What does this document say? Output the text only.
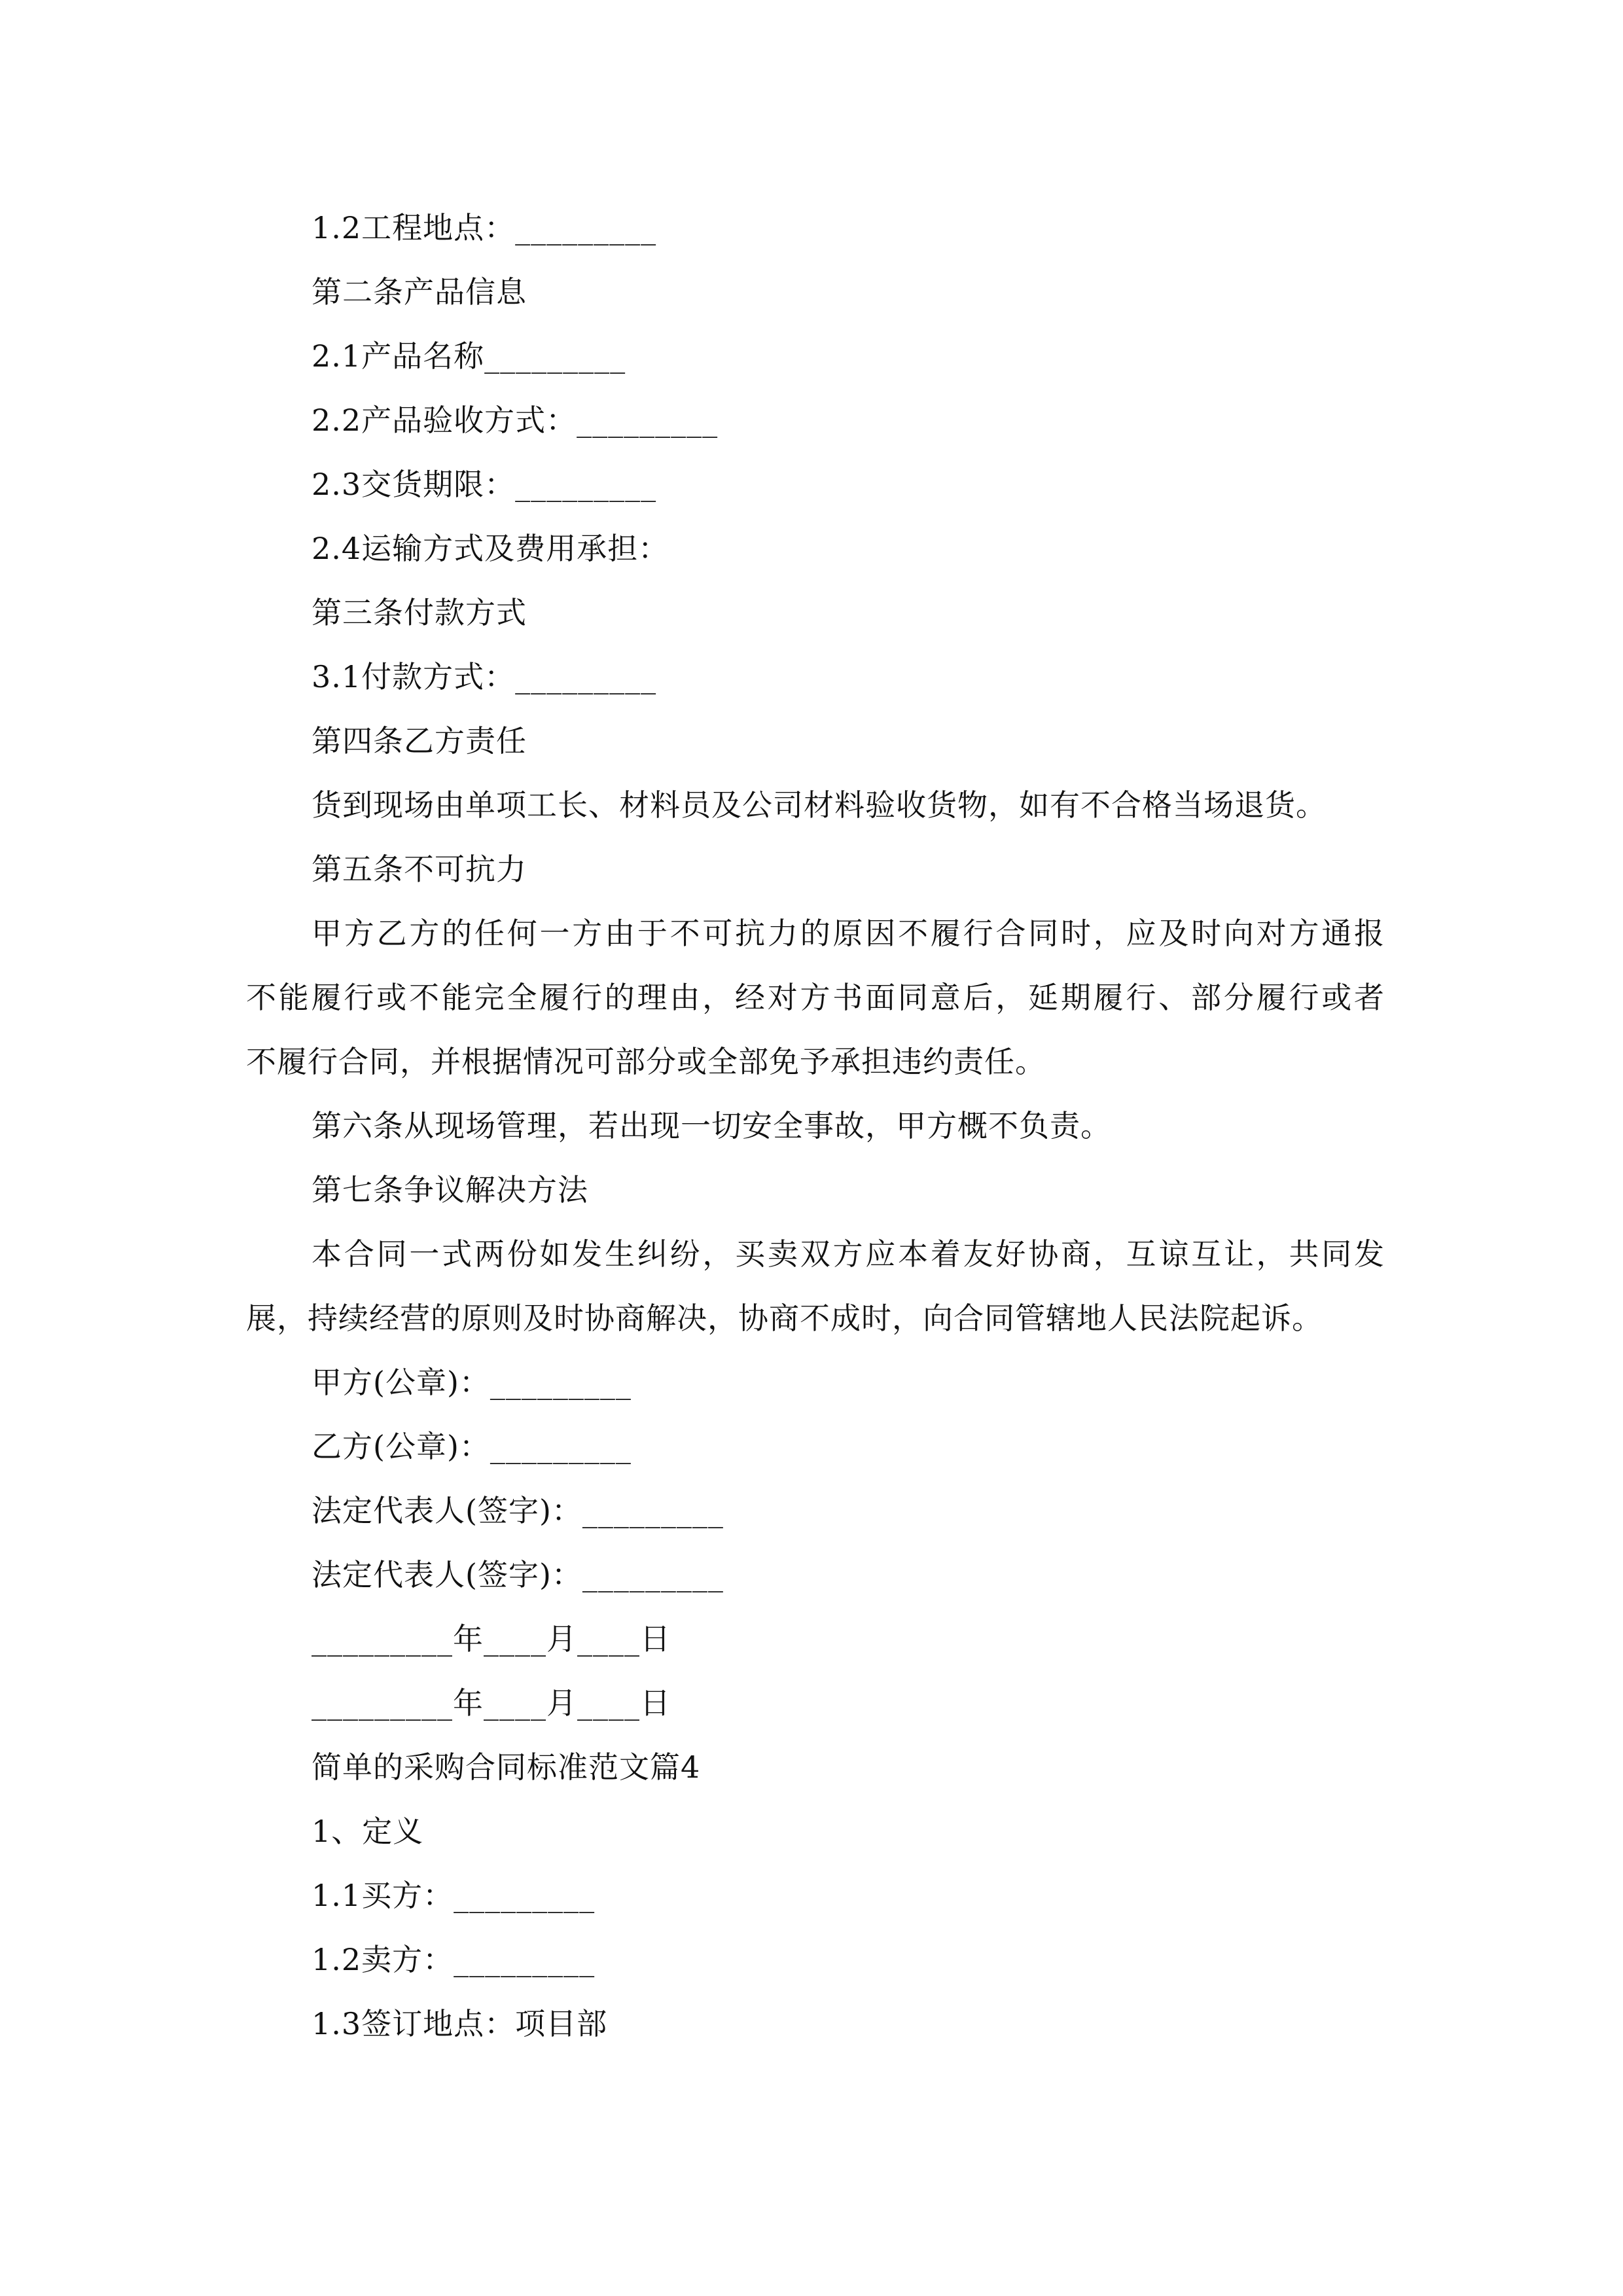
1.2工程地点：_________
第二条产品信息
2.1产品名称_________
2.2产品验收方式：_________
2.3交货期限：_________
2.4运输方式及费用承担：
第三条付款方式
3.1付款方式：_________
第四条乙方责任
货到现场由单项工长、材料员及公司材料验收货物，如有不合格当场退货。
第五条不可抗力
甲方乙方的任何一方由于不可抗力的原因不履行合同时，应及时向对方通报
不能履行或不能完全履行的理由，经对方书面同意后，延期履行、部分履行或者
不履行合同，并根据情况可部分或全部免予承担违约责任。
第六条从现场管理，若出现一切安全事故，甲方概不负责。
第七条争议解决方法
本合同一式两份如发生纠纷，买卖双方应本着友好协商，互谅互让，共同发
展，持续经营的原则及时协商解决，协商不成时，向合同管辖地人民法院起诉。
甲方(公章)：_________
乙方(公章)：_________
法定代表人(签字)：_________
法定代表人(签字)：_________
_________年____月____日
_________年____月____日
简单的采购合同标准范文篇4
1、定义
1.1买方：_________
1.2卖方：_________
1.3签订地点：项目部
